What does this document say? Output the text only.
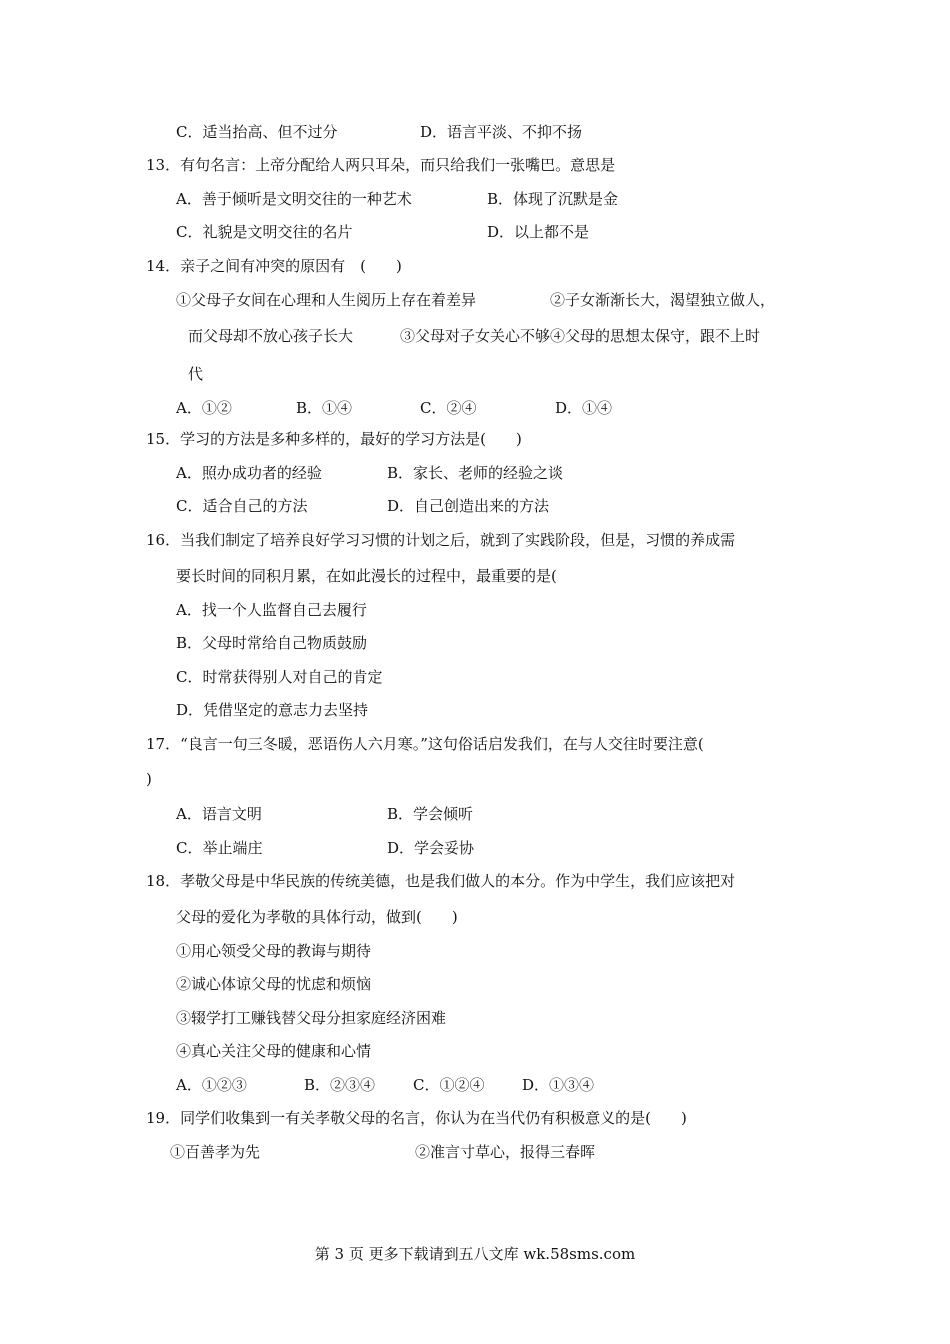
C．适当抬高、但不过分	D．语言平淡、不抑不扬
13．有句名言：上帝分配给人两只耳朵，而只给我们一张嘴巴。意思是
A．善于倾听是文明交往的一种艺术	B．体现了沉默是金
C．礼貌是文明交往的名片	D．以上都不是
14．亲子之间有冲突的原因有　(　　)
①父母子女间在心理和人生阅历上存在着差异	②子女渐渐长大，渴望独立做人，
而父母却不放心孩子长大	③父母对子女关心不够④父母的思想太保守，跟不上时
代
A．①②	B．①④	C．②④	D．①④
15．学习的方法是多种多样的，最好的学习方法是(　　)
A．照办成功者的经验	B．家长、老师的经验之谈
C．适合自己的方法	D．自己创造出来的方法
16．当我们制定了培养良好学习习惯的计划之后，就到了实践阶段，但是，习惯的养成需
要长时间的同积月累，在如此漫长的过程中，最重要的是(
A．找一个人监督自己去履行
B．父母时常给自己物质鼓励
C．时常获得别人对自己的肯定
D．凭借坚定的意志力去坚持
17．“良言一句三冬暖，恶语伤人六月寒。”这句俗话启发我们，在与人交往时要注意(
)
A．语言文明	B．学会倾听
C．举止端庄	D．学会妥协
18．孝敬父母是中华民族的传统美德，也是我们做人的本分。作为中学生，我们应该把对
父母的爱化为孝敬的具体行动，做到(　　)
①用心领受父母的教诲与期待
②诚心体谅父母的忧虑和烦恼
③辍学打工赚钱替父母分担家庭经济困难
④真心关注父母的健康和心情
A．①②③	B．②③④	C．①②④	D．①③④
19．同学们收集到一有关孝敬父母的名言，你认为在当代仍有积极意义的是(　　)
①百善孝为先	②准言寸草心，报得三春晖
第 3 页 更多下载请到五八文库 wk.58sms.com
